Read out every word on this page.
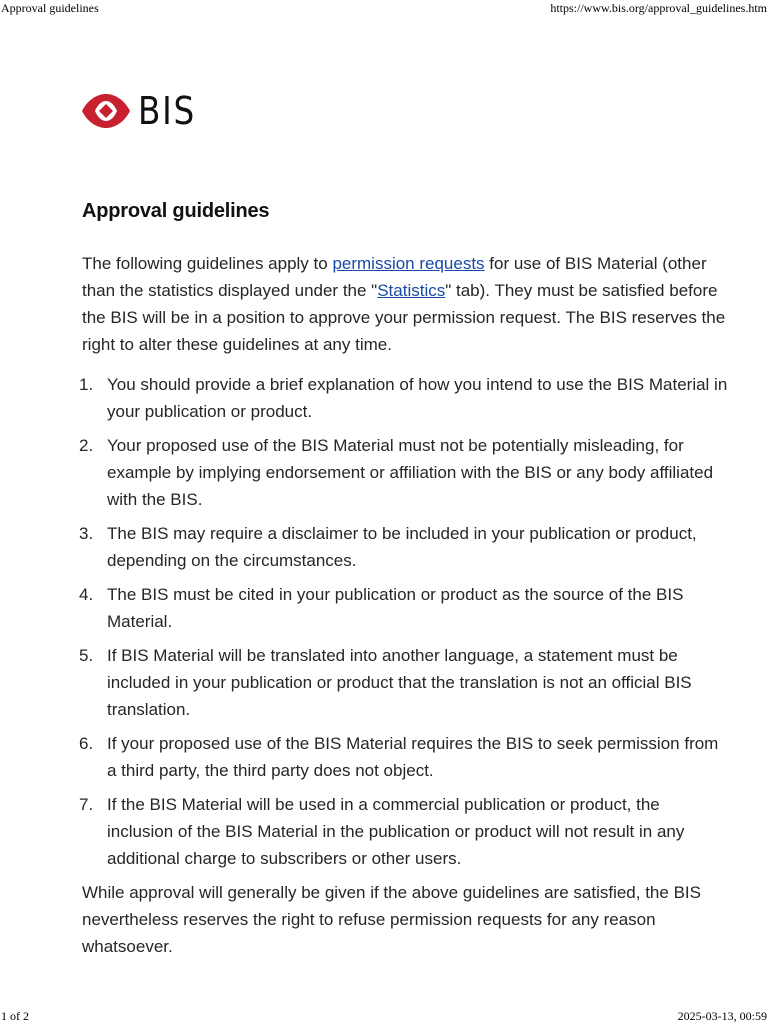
Approval guidelines	https://www.bis.org/approval_guidelines.htm
BIS
Approval guidelines

The following guidelines apply to permission requests for use of BIS Material (other than the statistics displayed under the "Statistics" tab). They must be satisfied before the BIS will be in a position to approve your permission request. The BIS reserves the right to alter these guidelines at any time.

1. You should provide a brief explanation of how you intend to use the BIS Material in your publication or product.
2. Your proposed use of the BIS Material must not be potentially misleading, for example by implying endorsement or affiliation with the BIS or any body affiliated with the BIS.
3. The BIS may require a disclaimer to be included in your publication or product, depending on the circumstances.
4. The BIS must be cited in your publication or product as the source of the BIS Material.
5. If BIS Material will be translated into another language, a statement must be included in your publication or product that the translation is not an official BIS translation.
6. If your proposed use of the BIS Material requires the BIS to seek permission from a third party, the third party does not object.
7. If the BIS Material will be used in a commercial publication or product, the inclusion of the BIS Material in the publication or product will not result in any additional charge to subscribers or other users.

While approval will generally be given if the above guidelines are satisfied, the BIS nevertheless reserves the right to refuse permission requests for any reason whatsoever.

1 of 2	2025-03-13, 00:59
